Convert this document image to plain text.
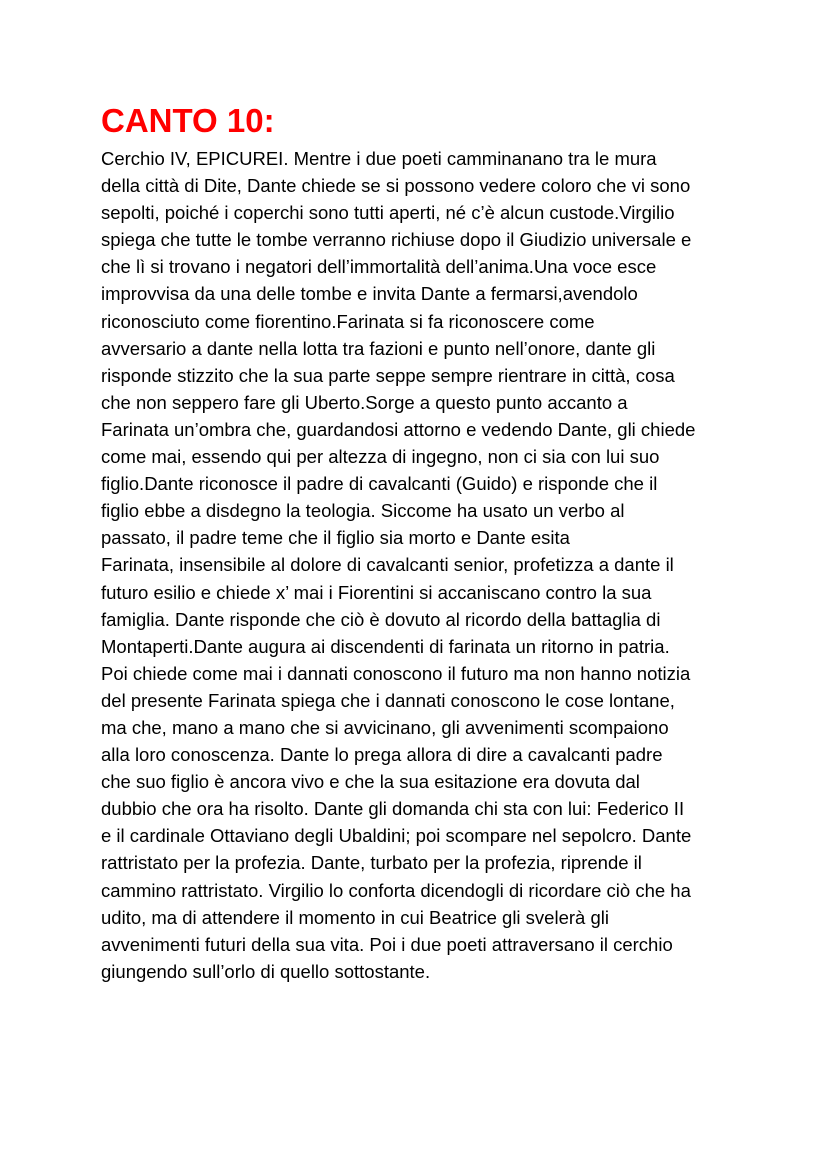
CANTO 10:

Cerchio IV, EPICUREI. Mentre i due poeti camminanano tra le mura
della città di Dite, Dante chiede se si possono vedere coloro che vi sono
sepolti, poiché i coperchi sono tutti aperti, né c’è alcun custode.Virgilio
spiega che tutte le tombe verranno richiuse dopo il Giudizio universale e
che lì si trovano i negatori dell’immortalità dell’anima.Una voce esce
improvvisa da una delle tombe e invita Dante a fermarsi,avendolo
riconosciuto come fiorentino.Farinata si fa riconoscere come
avversario a dante nella lotta tra fazioni e punto nell’onore, dante gli
risponde stizzito che la sua parte seppe sempre rientrare in città, cosa
che non seppero fare gli Uberto.Sorge a questo punto accanto a
Farinata un’ombra che, guardandosi attorno e vedendo Dante, gli chiede
come mai, essendo qui per altezza di ingegno, non ci sia con lui suo
figlio.Dante riconosce il padre di cavalcanti (Guido) e risponde che il
figlio ebbe a disdegno la teologia. Siccome ha usato un verbo al
passato, il padre teme che il figlio sia morto e Dante esita
Farinata, insensibile al dolore di cavalcanti senior, profetizza a dante il
futuro esilio e chiede x’ mai i Fiorentini si accaniscano contro la sua
famiglia. Dante risponde che ciò è dovuto al ricordo della battaglia di
Montaperti.Dante augura ai discendenti di farinata un ritorno in patria.
Poi chiede come mai i dannati conoscono il futuro ma non hanno notizia
del presente Farinata spiega che i dannati conoscono le cose lontane,
ma che, mano a mano che si avvicinano, gli avvenimenti scompaiono
alla loro conoscenza. Dante lo prega allora di dire a cavalcanti padre
che suo figlio è ancora vivo e che la sua esitazione era dovuta dal
dubbio che ora ha risolto. Dante gli domanda chi sta con lui: Federico II
e il cardinale Ottaviano degli Ubaldini; poi scompare nel sepolcro. Dante
rattristato per la profezia. Dante, turbato per la profezia, riprende il
cammino rattristato. Virgilio lo conforta dicendogli di ricordare ciò che ha
udito, ma di attendere il momento in cui Beatrice gli svelerà gli
avvenimenti futuri della sua vita. Poi i due poeti attraversano il cerchio
giungendo sull’orlo di quello sottostante.
